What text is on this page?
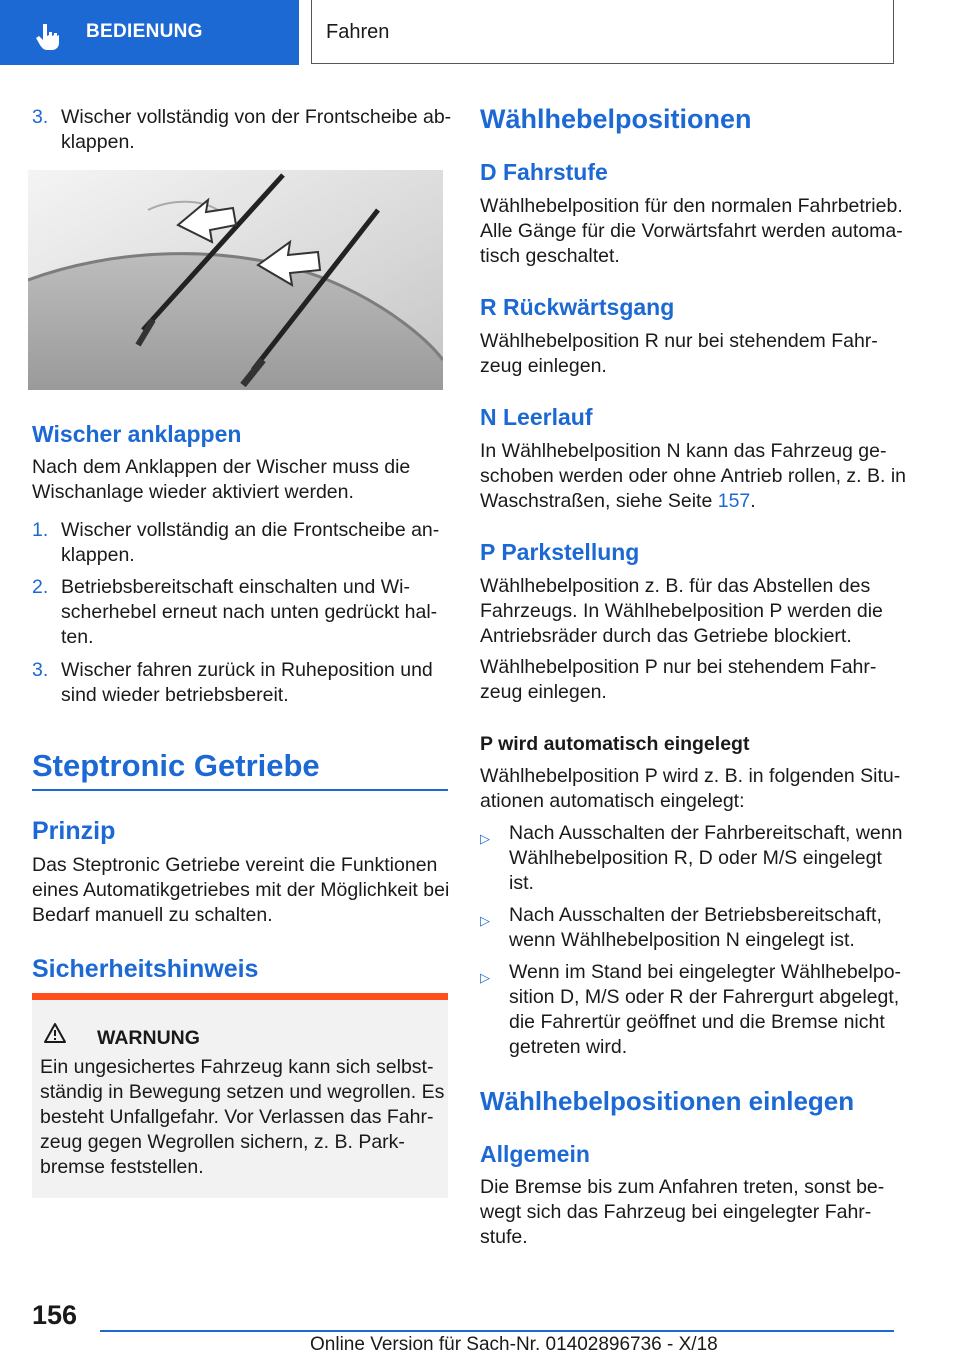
BEDIENUNG	Fahren
3. Wischer vollständig von der Frontscheibe ab-
klappen.
Wischer anklappen
Nach dem Anklappen der Wischer muss die
Wischanlage wieder aktiviert werden.
1. Wischer vollständig an die Frontscheibe an-
klappen.
2. Betriebsbereitschaft einschalten und Wi-
scherhebel erneut nach unten gedrückt hal-
ten.
3. Wischer fahren zurück in Ruheposition und
sind wieder betriebsbereit.
Steptronic Getriebe
Prinzip
Das Steptronic Getriebe vereint die Funktionen
eines Automatikgetriebes mit der Möglichkeit bei
Bedarf manuell zu schalten.
Sicherheitshinweis
WARNUNG
Ein ungesichertes Fahrzeug kann sich selbst-
ständig in Bewegung setzen und wegrollen. Es
besteht Unfallgefahr. Vor Verlassen das Fahr-
zeug gegen Wegrollen sichern, z. B. Park-
bremse feststellen.
Wählhebelpositionen
D Fahrstufe
Wählhebelposition für den normalen Fahrbetrieb.
Alle Gänge für die Vorwärtsfahrt werden automa-
tisch geschaltet.
R Rückwärtsgang
Wählhebelposition R nur bei stehendem Fahr-
zeug einlegen.
N Leerlauf
In Wählhebelposition N kann das Fahrzeug ge-
schoben werden oder ohne Antrieb rollen, z. B. in
Waschstraßen, siehe Seite 157.
P Parkstellung
Wählhebelposition z. B. für das Abstellen des
Fahrzeugs. In Wählhebelposition P werden die
Antriebsräder durch das Getriebe blockiert.
Wählhebelposition P nur bei stehendem Fahr-
zeug einlegen.
P wird automatisch eingelegt
Wählhebelposition P wird z. B. in folgenden Situ-
ationen automatisch eingelegt:
▷ Nach Ausschalten der Fahrbereitschaft, wenn
Wählhebelposition R, D oder M/S eingelegt
ist.
▷ Nach Ausschalten der Betriebsbereitschaft,
wenn Wählhebelposition N eingelegt ist.
▷ Wenn im Stand bei eingelegter Wählhebelpo-
sition D, M/S oder R der Fahrergurt abgelegt,
die Fahrertür geöffnet und die Bremse nicht
getreten wird.
Wählhebelpositionen einlegen
Allgemein
Die Bremse bis zum Anfahren treten, sonst be-
wegt sich das Fahrzeug bei eingelegter Fahr-
stufe.
156
Online Version für Sach-Nr. 01402896736 - X/18
